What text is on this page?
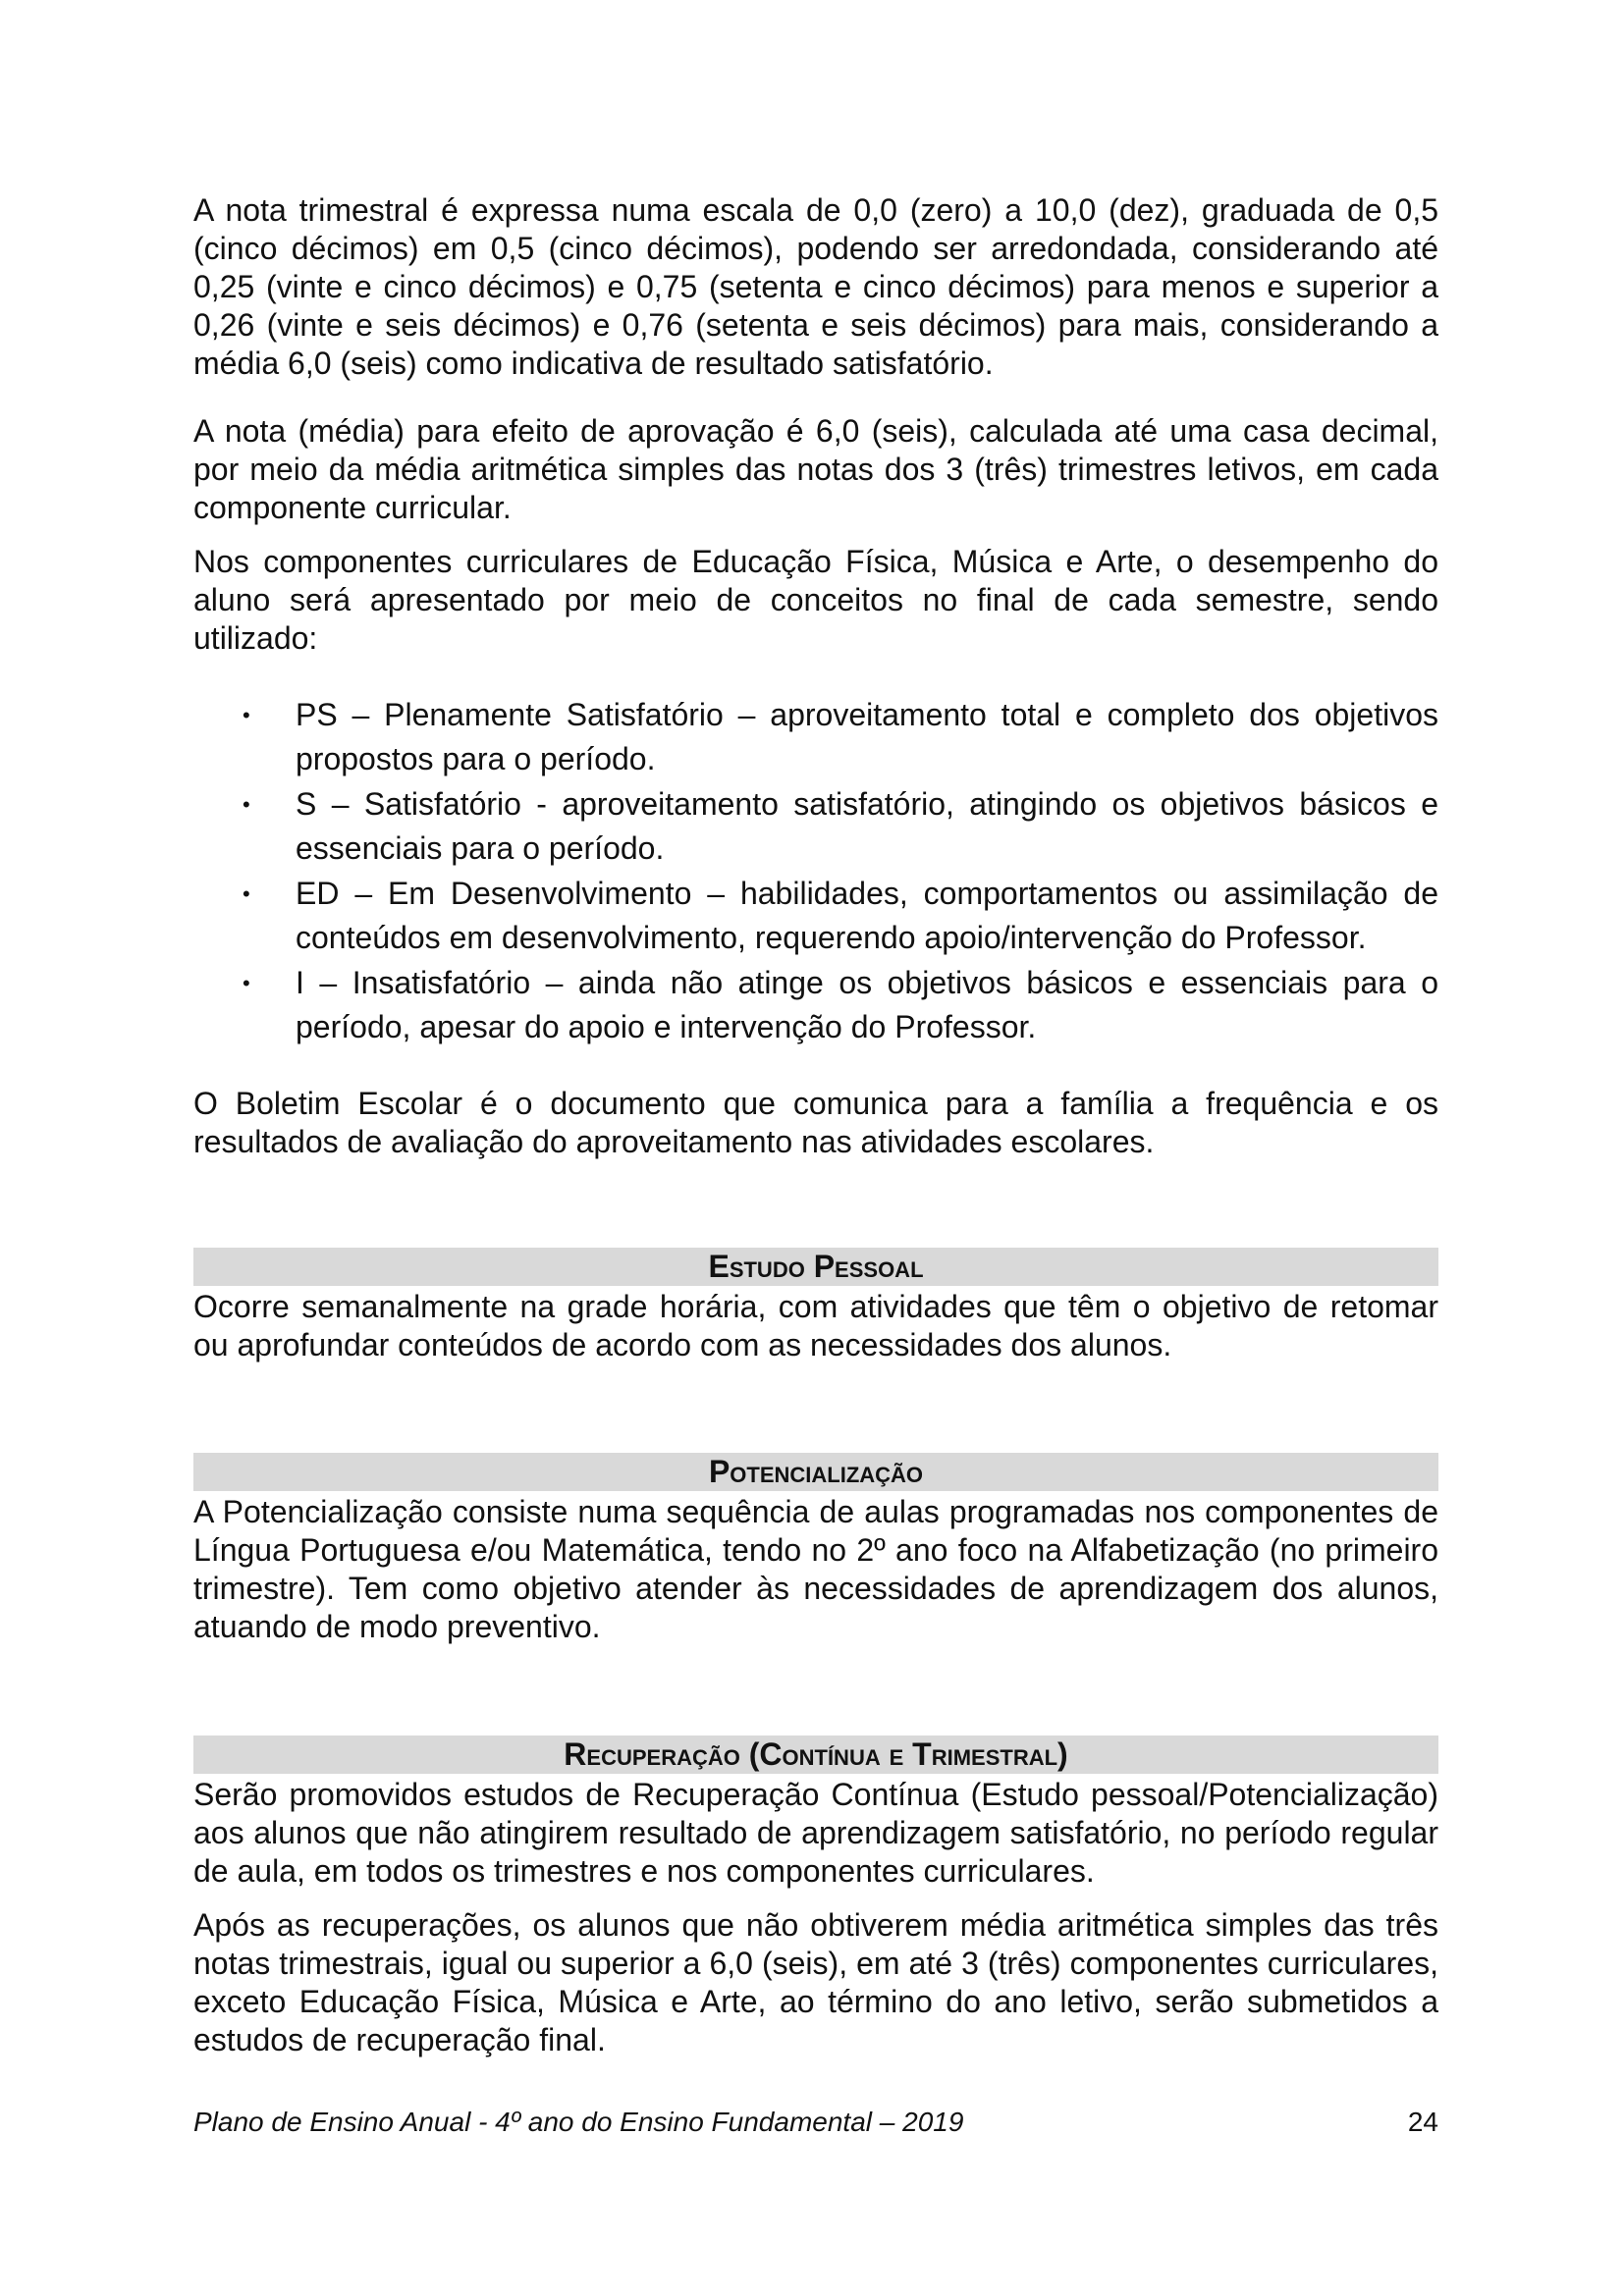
A nota trimestral é expressa numa escala de 0,0 (zero) a 10,0 (dez), graduada de 0,5 (cinco décimos) em 0,5 (cinco décimos), podendo ser arredondada, considerando até 0,25 (vinte e cinco décimos) e 0,75 (setenta e cinco décimos) para menos e superior a 0,26 (vinte e seis décimos) e 0,76 (setenta e seis décimos) para mais, considerando a média 6,0 (seis) como indicativa de resultado satisfatório.

A nota (média) para efeito de aprovação é 6,0 (seis), calculada até uma casa decimal, por meio da média aritmética simples das notas dos 3 (três) trimestres letivos, em cada componente curricular.

Nos componentes curriculares de Educação Física, Música e Arte, o desempenho do aluno será apresentado por meio de conceitos no final de cada semestre, sendo utilizado:

• PS – Plenamente Satisfatório – aproveitamento total e completo dos objetivos propostos para o período.
• S – Satisfatório - aproveitamento satisfatório, atingindo os objetivos básicos e essenciais para o período.
• ED – Em Desenvolvimento – habilidades, comportamentos ou assimilação de conteúdos em desenvolvimento, requerendo apoio/intervenção do Professor.
• I – Insatisfatório – ainda não atinge os objetivos básicos e essenciais para o período, apesar do apoio e intervenção do Professor.

O Boletim Escolar é o documento que comunica para a família a frequência e os resultados de avaliação do aproveitamento nas atividades escolares.

Estudo Pessoal

Ocorre semanalmente na grade horária, com atividades que têm o objetivo de retomar ou aprofundar conteúdos de acordo com as necessidades dos alunos.

Potencialização

A Potencialização consiste numa sequência de aulas programadas nos componentes de Língua Portuguesa e/ou Matemática, tendo no 2º ano foco na Alfabetização (no primeiro trimestre). Tem como objetivo atender às necessidades de aprendizagem dos alunos, atuando de modo preventivo.

Recuperação (Contínua e Trimestral)

Serão promovidos estudos de Recuperação Contínua (Estudo pessoal/Potencialização) aos alunos que não atingirem resultado de aprendizagem satisfatório, no período regular de aula, em todos os trimestres e nos componentes curriculares.

Após as recuperações, os alunos que não obtiverem média aritmética simples das três notas trimestrais, igual ou superior a 6,0 (seis), em até 3 (três) componentes curriculares, exceto Educação Física, Música e Arte, ao término do ano letivo, serão submetidos a estudos de recuperação final.

Plano de Ensino Anual - 4º ano do Ensino Fundamental – 2019	24
